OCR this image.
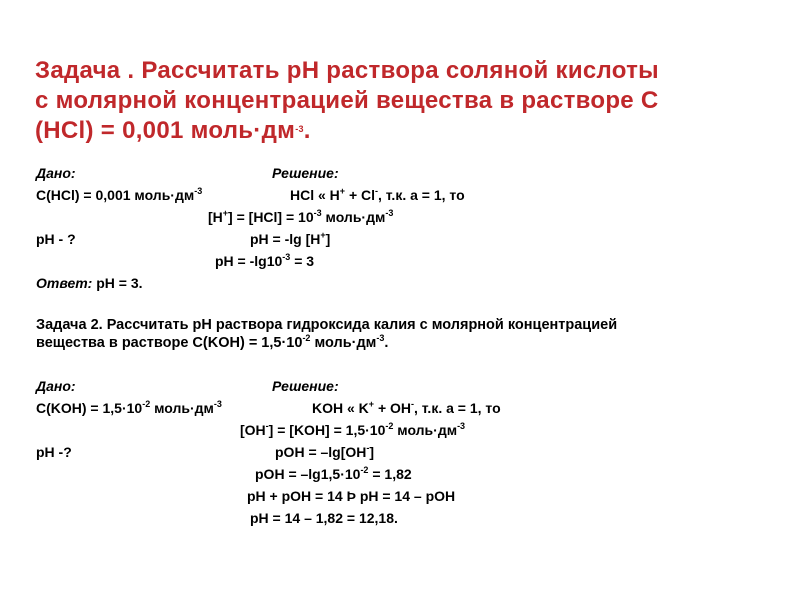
Задача . Рассчитать pH раствора соляной кислоты
с молярной концентрацией вещества в растворе С
(HCl) = 0,001 $моль\cdot дм^{-3}$.
Дано:	Решение:
С(HCl) = 0,001 $моль\cdot дм^{-3}$	HCl « H+ + Cl-, т.к. a = 1, то
$[H^+] = [HCl] = 10^{-3}$ $моль\cdot дм^{-3}$
pH - ?	pH = -lg [H+]
pH = $-\lg 10^{-3} = 3$
Ответ: pH = 3.
Задача 2. Рассчитать pH раствора гидроксида калия с молярной концентрацией
вещества в растворе $С(KOH) = 1,5\cdot 10^{-2}$ $моль\cdot дм^{-3}$.
Дано:	Решение:
$С(KOH) = 1,5\cdot 10^{-2}$ $моль\cdot дм^{-3}$	KOH « K+ + OH-, т.к. a = 1, то
$[OH^-] = [KOH] = 1,5\cdot 10^{-2}$ $моль\cdot дм^{-3}$
pH -?	pOH = –lg[OH-]
pOH = $-\lg 1,5\cdot 10^{-2} = 1,82$
pH + pOH = 14 Þ pH = 14 – pOH
pH = 14 – 1,82 = 12,18.
